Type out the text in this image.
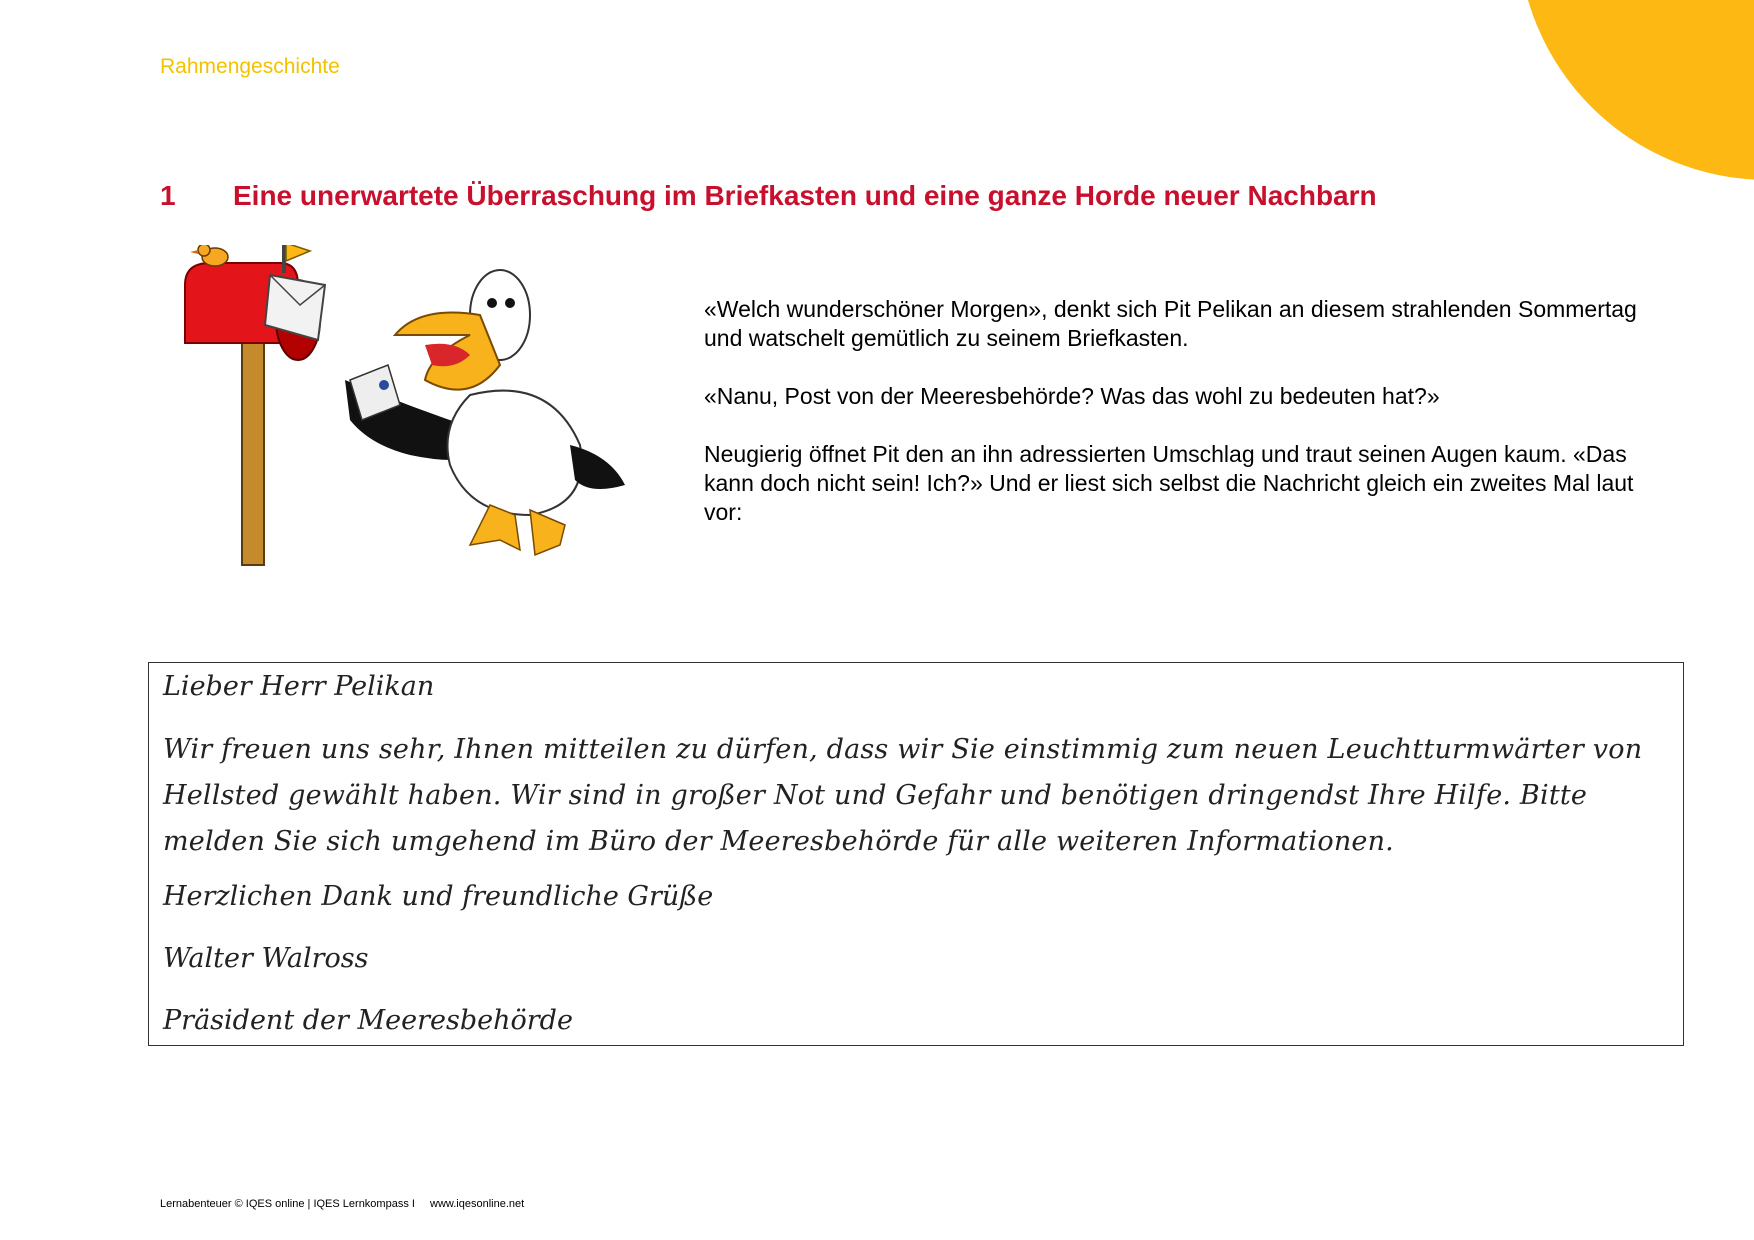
Rahmengeschichte
1	Eine unerwartete Überraschung im Briefkasten und eine ganze Horde neuer Nachbarn

«Welch wunderschöner Morgen», denkt sich Pit Pelikan an diesem strahlenden Sommertag und watschelt gemütlich zu seinem Briefkasten.

«Nanu, Post von der Meeresbehörde? Was das wohl zu bedeuten hat?»

Neugierig öffnet Pit den an ihn adressierten Umschlag und traut seinen Augen kaum. «Das kann doch nicht sein! Ich?» Und er liest sich selbst die Nachricht gleich ein zweites Mal laut vor:

Lieber Herr Pelikan

Wir freuen uns sehr, Ihnen mitteilen zu dürfen, dass wir Sie einstimmig zum neuen Leuchtturmwärter von Hellsted gewählt haben. Wir sind in großer Not und Gefahr und benötigen dringendst Ihre Hilfe. Bitte melden Sie sich umgehend im Büro der Meeresbehörde für alle weiteren Informationen.

Herzlichen Dank und freundliche Grüße

Walter Walross

Präsident der Meeresbehörde

Lernabenteuer © IQES online | IQES Lernkompass I www.iqesonline.net
